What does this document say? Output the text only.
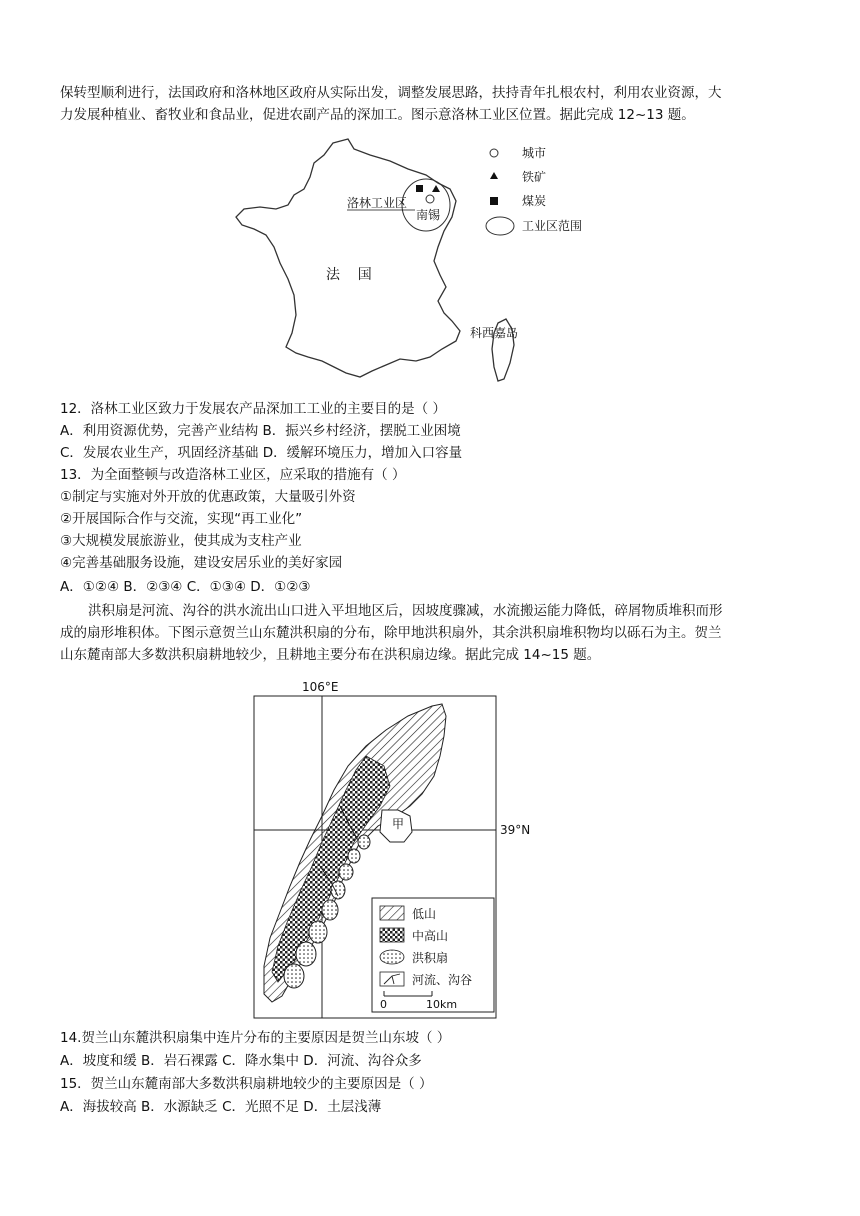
保转型顺利进行，法国政府和洛林地区政府从实际出发，调整发展思路，扶持青年扎根农村，利用农业资源，大
力发展种植业、畜牧业和食品业，促进农副产品的深加工。图示意洛林工业区位置。据此完成 12~13 题。
洛林工业区
南锡
法    国
科西嘉岛
城市
铁矿
煤炭
工业区范围
12．洛林工业区致力于发展农产品深加工工业的主要目的是（ ）
A．利用资源优势，完善产业结构 B．振兴乡村经济，摆脱工业困境
C．发展农业生产，巩固经济基础 D．缓解环境压力，增加入口容量
13．为全面整顿与改造洛林工业区，应采取的措施有（ ）
①制定与实施对外开放的优惠政策，大量吸引外资
②开展国际合作与交流，实现“再工业化”
③大规模发展旅游业，使其成为支柱产业
④完善基础服务设施，建设安居乐业的美好家园
A．①②④ B．②③④ C．①③④ D．①②③
洪积扇是河流、沟谷的洪水流出山口进入平坦地区后，因坡度骤减，水流搬运能力降低，碎屑物质堆积而形
成的扇形堆积体。下图示意贺兰山东麓洪积扇的分布，除甲地洪积扇外，其余洪积扇堆积物均以砾石为主。贺兰
山东麓南部大多数洪积扇耕地较少，且耕地主要分布在洪积扇边缘。据此完成 14~15 题。
106°E
39°N
甲
低山
中高山
洪积扇
河流、沟谷
0	10km
14.贺兰山东麓洪积扇集中连片分布的主要原因是贺兰山东坡（ ）
A．坡度和缓 B．岩石裸露 C．降水集中 D．河流、沟谷众多
15．贺兰山东麓南部大多数洪积扇耕地较少的主要原因是（ ）
A．海拔较高 B．水源缺乏 C．光照不足 D．土层浅薄
